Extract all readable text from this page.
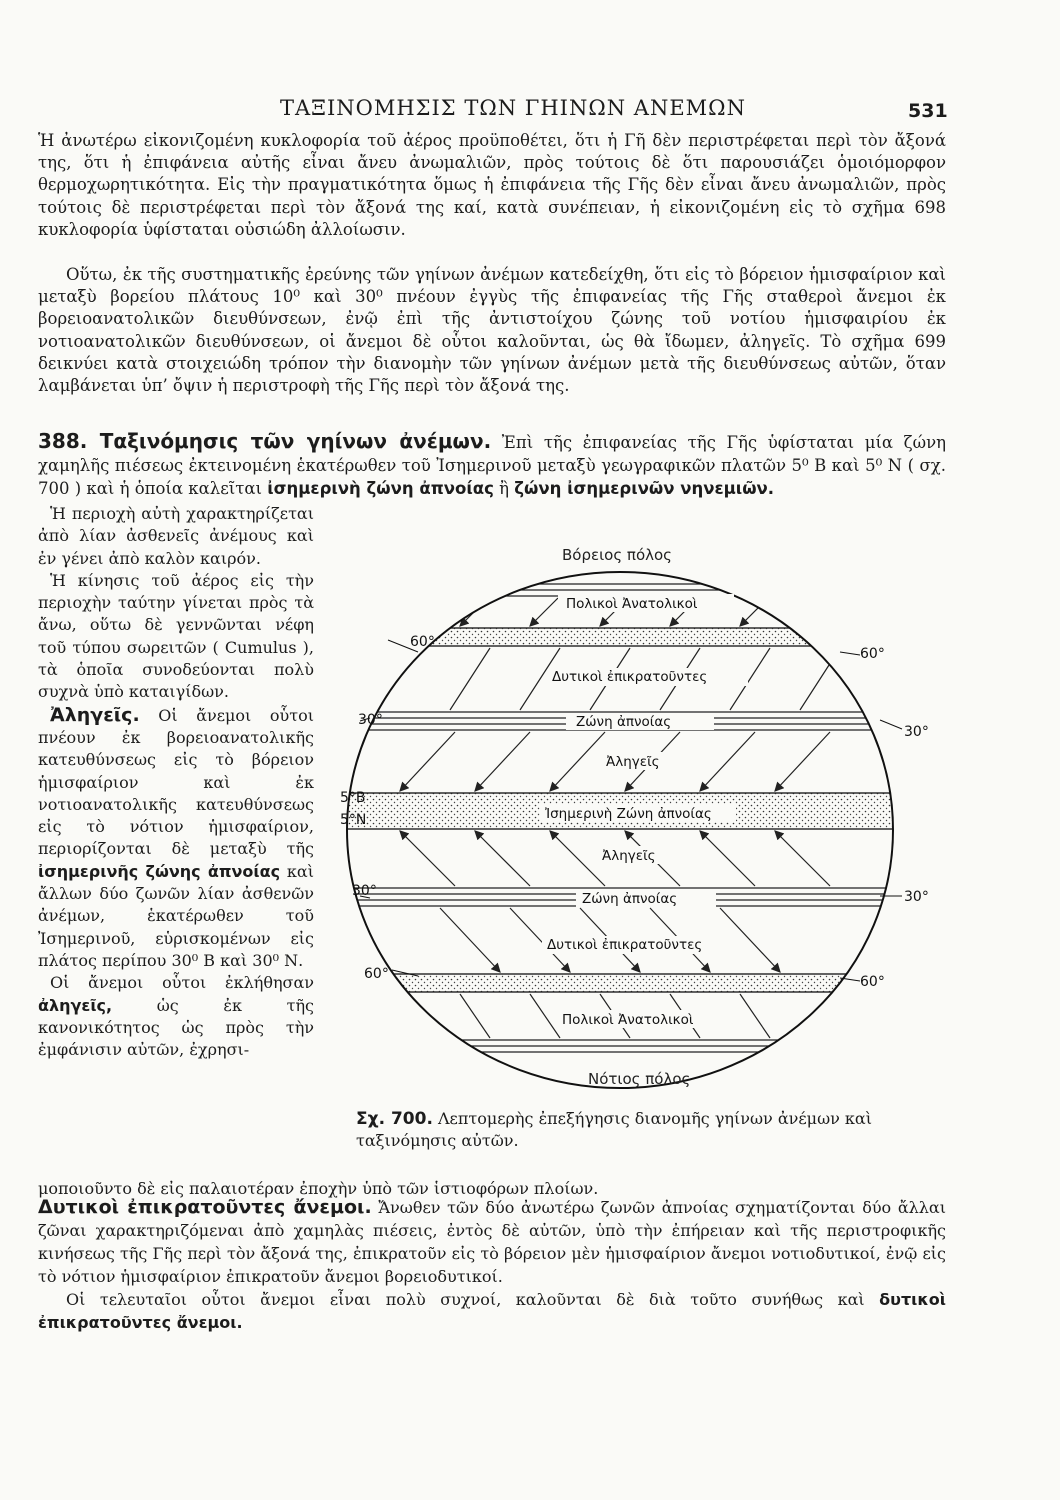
ΤΑΞΙΝΟΜΗΣΙΣ ΤΩΝ ΓΗΙΝΩΝ ΑΝΕΜΩΝ	531
Ἡ ἀνωτέρω εἰκονιζομένη κυκλοφορία τοῦ ἀέρος προϋποθέτει, ὅτι ἡ Γῆ δὲν περιστρέφεται περὶ τὸν ἄξονά της, ὅτι ἡ ἐπιφάνεια αὐτῆς εἶναι ἄνευ ἀνωμαλιῶν, πρὸς τούτοις δὲ ὅτι παρουσιάζει ὁμοιόμορφον θερμοχωρητικότητα. Εἰς τὴν πραγματικότητα ὅμως ἡ ἐπιφάνεια τῆς Γῆς δὲν εἶναι ἄνευ ἀνωμαλιῶν, πρὸς τούτοις δὲ περιστρέφεται περὶ τὸν ἄξονά της καί, κατὰ συνέπειαν, ἡ εἰκονιζομένη εἰς τὸ σχῆμα 698 κυκλοφορία ὑφίσταται οὐσιώδη ἀλλοίωσιν.
Οὕτω, ἐκ τῆς συστηματικῆς ἐρεύνης τῶν γηίνων ἀνέμων κατεδείχθη, ὅτι εἰς τὸ βόρειον ἡμισφαίριον καὶ μεταξὺ βορείου πλάτους 10⁰ καὶ 30⁰ πνέουν ἐγγὺς τῆς ἐπιφανείας τῆς Γῆς σταθεροὶ ἄνεμοι ἐκ βορειοανατολικῶν διευθύνσεων, ἐνῷ ἐπὶ τῆς ἀντιστοίχου ζώνης τοῦ νοτίου ἡμισφαιρίου ἐκ νοτιοανατολικῶν διευθύνσεων, οἱ ἄνεμοι δὲ οὗτοι καλοῦνται, ὡς θὰ ἴδωμεν, ἀληγεῖς. Τὸ σχῆμα 699 δεικνύει κατὰ στοιχειώδη τρόπον τὴν διανομὴν τῶν γηίνων ἀνέμων μετὰ τῆς διευθύνσεως αὐτῶν, ὅταν λαμβάνεται ὑπ’ ὄψιν ἡ περιστροφὴ τῆς Γῆς περὶ τὸν ἄξονά της.
388. Ταξινόμησις τῶν γηίνων ἀνέμων. Ἐπὶ τῆς ἐπιφανείας τῆς Γῆς ὑφίσταται μία ζώνη χαμηλῆς πιέσεως ἐκτεινομένη ἑκατέρωθεν τοῦ Ἰσημερινοῦ μεταξὺ γεωγραφικῶν πλατῶν 5⁰ Β καὶ 5⁰ Ν ( σχ. 700 ) καὶ ἡ ὁποία καλεῖται ἰσημερινὴ ζώνη ἀπνοίας ἢ ζώνη ἰσημερινῶν νηνεμιῶν.

Ἡ περιοχὴ αὐτὴ χαρακτηρίζεται ἀπὸ λίαν ἀσθενεῖς ἀνέμους καὶ ἐν γένει ἀπὸ καλὸν καιρόν.

Ἡ κίνησις τοῦ ἀέρος εἰς τὴν περιοχὴν ταύτην γίνεται πρὸς τὰ ἄνω, οὕτω δὲ γεννῶνται νέφη τοῦ τύπου σωρειτῶν ( Cumulus ), τὰ ὁποῖα συνοδεύονται πολὺ συχνὰ ὑπὸ καταιγίδων.

Ἀληγεῖς. Οἱ ἄνεμοι οὗτοι πνέουν ἐκ βορειοανατολικῆς κατευθύνσεως εἰς τὸ βόρειον ἡμισφαίριον καὶ ἐκ νοτιοανατολικῆς κατευθύνσεως εἰς τὸ νότιον ἡμισφαίριον, περιορίζονται δὲ μεταξὺ τῆς ἰσημερινῆς ζώνης ἀπνοίας καὶ ἄλλων δύο ζωνῶν λίαν ἀσθενῶν ἀνέμων, ἑκατέρωθεν τοῦ Ἰσημερινοῦ, εὑρισκομένων εἰς πλάτος περίπου 30⁰ Β καὶ 30⁰ Ν.

Οἱ ἄνεμοι οὗτοι ἐκλήθησαν ἀληγεῖς, ὡς ἐκ τῆς κανονικότητος ὡς πρὸς τὴν ἐμφάνισιν αὐτῶν, ἐχρησι-

Βόρειος πόλος
Πολικοὶ Ἀνατολικοὶ
Δυτικοὶ ἐπικρατοῦντες
Ζώνη ἀπνοίας
Ἀληγεῖς
Ἰσημερινὴ Ζώνη ἀπνοίας
Ἀληγεῖς
Ζώνη ἀπνοίας
Δυτικοὶ ἐπικρατοῦντες
Πολικοὶ Ἀνατολικοὶ
60°
60°
30°
30°
5°Β
5°Ν
30°	30°
60°	60°
Νότιος πόλος
Σχ. 700. Λεπτομερὴς ἐπεξήγησις διανομῆς γηίνων ἀνέμων καὶ ταξινόμησις αὐτῶν.
μοποιοῦντο δὲ εἰς παλαιοτέραν ἐποχὴν ὑπὸ τῶν ἱστιοφόρων πλοίων.
Δυτικοὶ ἐπικρατοῦντες ἄνεμοι. Ἄνωθεν τῶν δύο ἀνωτέρω ζωνῶν ἀπνοίας σχηματίζονται δύο ἄλλαι ζῶναι χαρακτηριζόμεναι ἀπὸ χαμηλὰς πιέσεις, ἐντὸς δὲ αὐτῶν, ὑπὸ τὴν ἐπήρειαν καὶ τῆς περιστροφικῆς κινήσεως τῆς Γῆς περὶ τὸν ἄξονά της, ἐπικρατοῦν εἰς τὸ βόρειον μὲν ἡμισφαίριον ἄνεμοι νοτιοδυτικοί, ἐνῷ εἰς τὸ νότιον ἡμισφαίριον ἐπικρατοῦν ἄνεμοι βορειοδυτικοί.
Οἱ τελευταῖοι οὗτοι ἄνεμοι εἶναι πολὺ συχνοί, καλοῦνται δὲ διὰ τοῦτο συνήθως καὶ δυτικοὶ ἐπικρατοῦντες ἄνεμοι.
